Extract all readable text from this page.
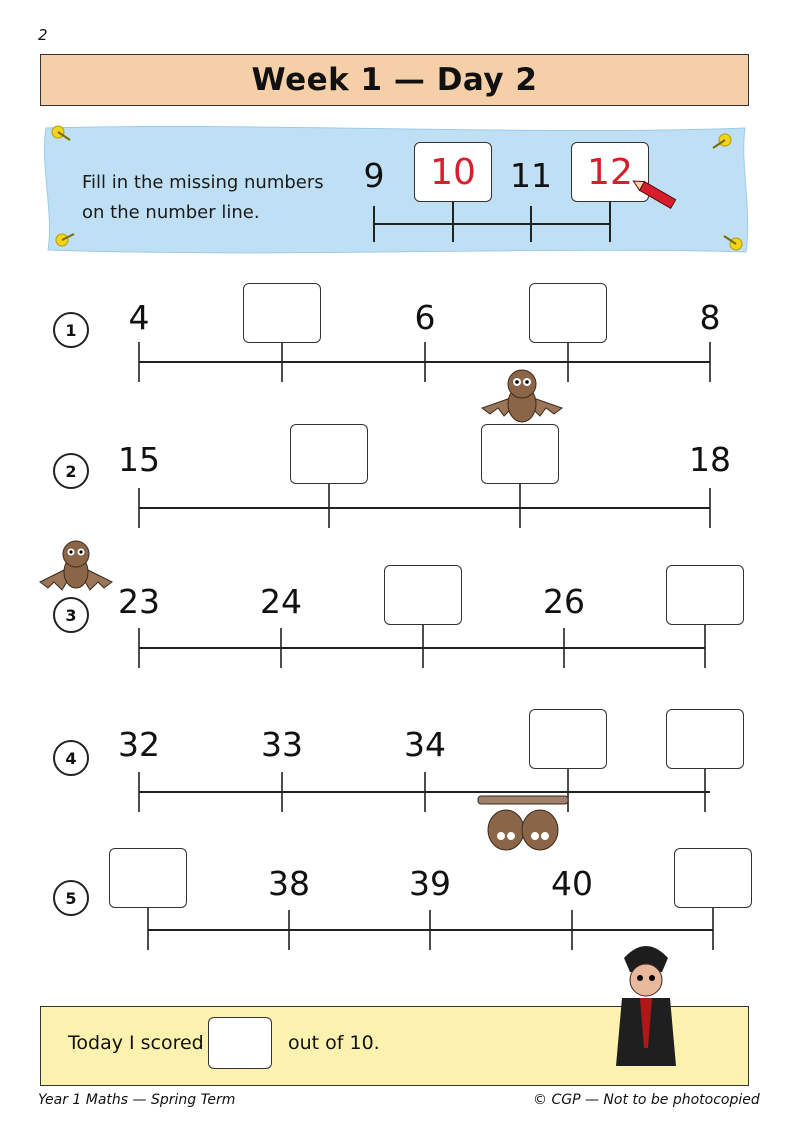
2
Week 1 — Day 2
Fill in the missing numbers
on the number line.
9	10	11 12
1	4	6	8
2	15	18
3	23	24	26
4	32	33	34
5	38	39	40
Today I scored	out of 10.
Year 1 Maths — Spring Term	© CGP — Not to be photocopied
